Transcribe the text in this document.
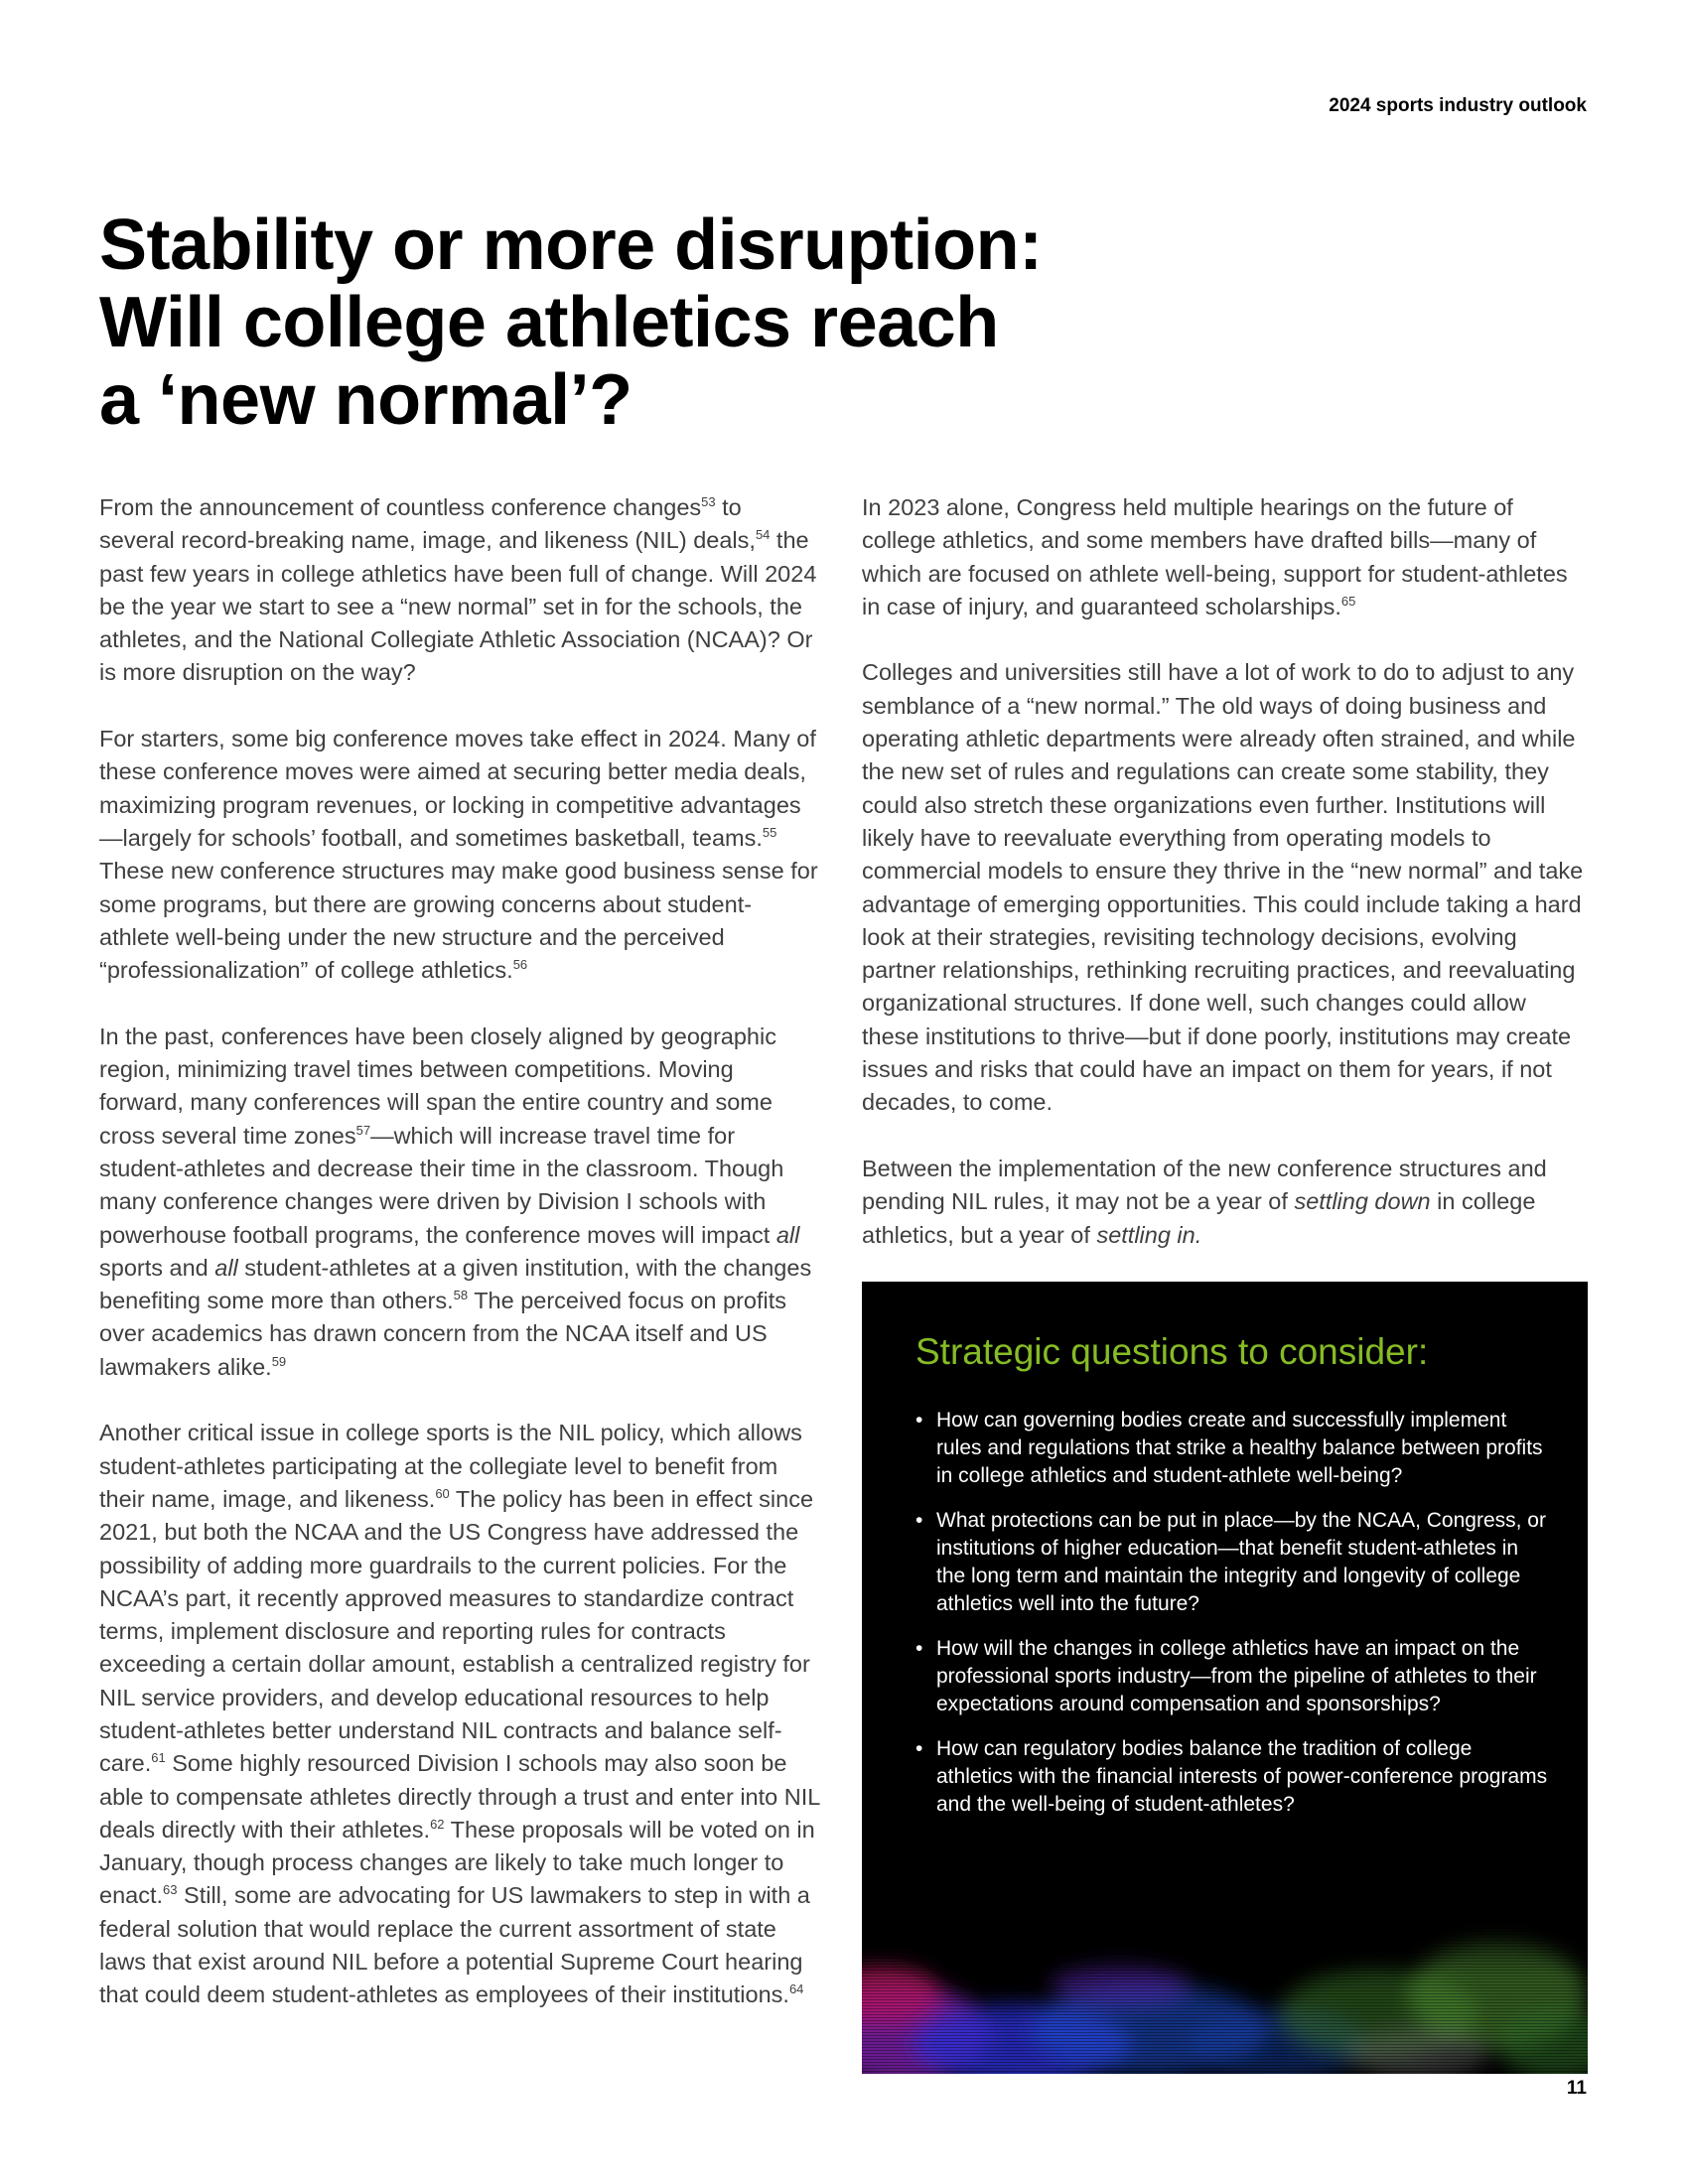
2024 sports industry outlook
Stability or more disruption:
Will college athletics reach
a ‘new normal’?

From the announcement of countless conference changes$^{53}$ to several record-breaking name, image, and likeness (NIL) deals,$^{54}$ the past few years in college athletics have been full of change. Will 2024 be the year we start to see a “new normal” set in for the schools, the athletes, and the National Collegiate Athletic Association (NCAA)? Or is more disruption on the way?

For starters, some big conference moves take effect in 2024. Many of these conference moves were aimed at securing better media deals, maximizing program revenues, or locking in competitive advantages—largely for schools’ football, and sometimes basketball, teams.$^{55}$ These new conference structures may make good business sense for some programs, but there are growing concerns about student-athlete well-being under the new structure and the perceived “professionalization” of college athletics.$^{56}$

In the past, conferences have been closely aligned by geographic region, minimizing travel times between competitions. Moving forward, many conferences will span the entire country and some cross several time zones$^{57}$—which will increase travel time for student-athletes and decrease their time in the classroom. Though many conference changes were driven by Division I schools with powerhouse football programs, the conference moves will impact all sports and all student-athletes at a given institution, with the changes benefiting some more than others.$^{58}$ The perceived focus on profits over academics has drawn concern from the NCAA itself and US lawmakers alike.$^{59}$

Another critical issue in college sports is the NIL policy, which allows student-athletes participating at the collegiate level to benefit from their name, image, and likeness.$^{60}$ The policy has been in effect since 2021, but both the NCAA and the US Congress have addressed the possibility of adding more guardrails to the current policies. For the NCAA’s part, it recently approved measures to standardize contract terms, implement disclosure and reporting rules for contracts exceeding a certain dollar amount, establish a centralized registry for NIL service providers, and develop educational resources to help student-athletes better understand NIL contracts and balance self-care.$^{61}$ Some highly resourced Division I schools may also soon be able to compensate athletes directly through a trust and enter into NIL deals directly with their athletes.$^{62}$ These proposals will be voted on in January, though process changes are likely to take much longer to enact.$^{63}$ Still, some are advocating for US lawmakers to step in with a federal solution that would replace the current assortment of state laws that exist around NIL before a potential Supreme Court hearing that could deem student-athletes as employees of their institutions.$^{64}$

In 2023 alone, Congress held multiple hearings on the future of college athletics, and some members have drafted bills—many of which are focused on athlete well-being, support for student-athletes in case of injury, and guaranteed scholarships.$^{65}$

Colleges and universities still have a lot of work to do to adjust to any semblance of a “new normal.” The old ways of doing business and operating athletic departments were already often strained, and while the new set of rules and regulations can create some stability, they could also stretch these organizations even further. Institutions will likely have to reevaluate everything from operating models to commercial models to ensure they thrive in the “new normal” and take advantage of emerging opportunities. This could include taking a hard look at their strategies, revisiting technology decisions, evolving partner relationships, rethinking recruiting practices, and reevaluating organizational structures. If done well, such changes could allow these institutions to thrive—but if done poorly, institutions may create issues and risks that could have an impact on them for years, if not decades, to come.

Between the implementation of the new conference structures and pending NIL rules, it may not be a year of settling down in college athletics, but a year of settling in.

Strategic questions to consider:
• How can governing bodies create and successfully implement rules and regulations that strike a healthy balance between profits in college athletics and student-athlete well-being?
• What protections can be put in place—by the NCAA, Congress, or institutions of higher education—that benefit student-athletes in the long term and maintain the integrity and longevity of college athletics well into the future?
• How will the changes in college athletics have an impact on the professional sports industry—from the pipeline of athletes to their expectations around compensation and sponsorships?
• How can regulatory bodies balance the tradition of college athletics with the financial interests of power-conference programs and the well-being of student-athletes?
11
